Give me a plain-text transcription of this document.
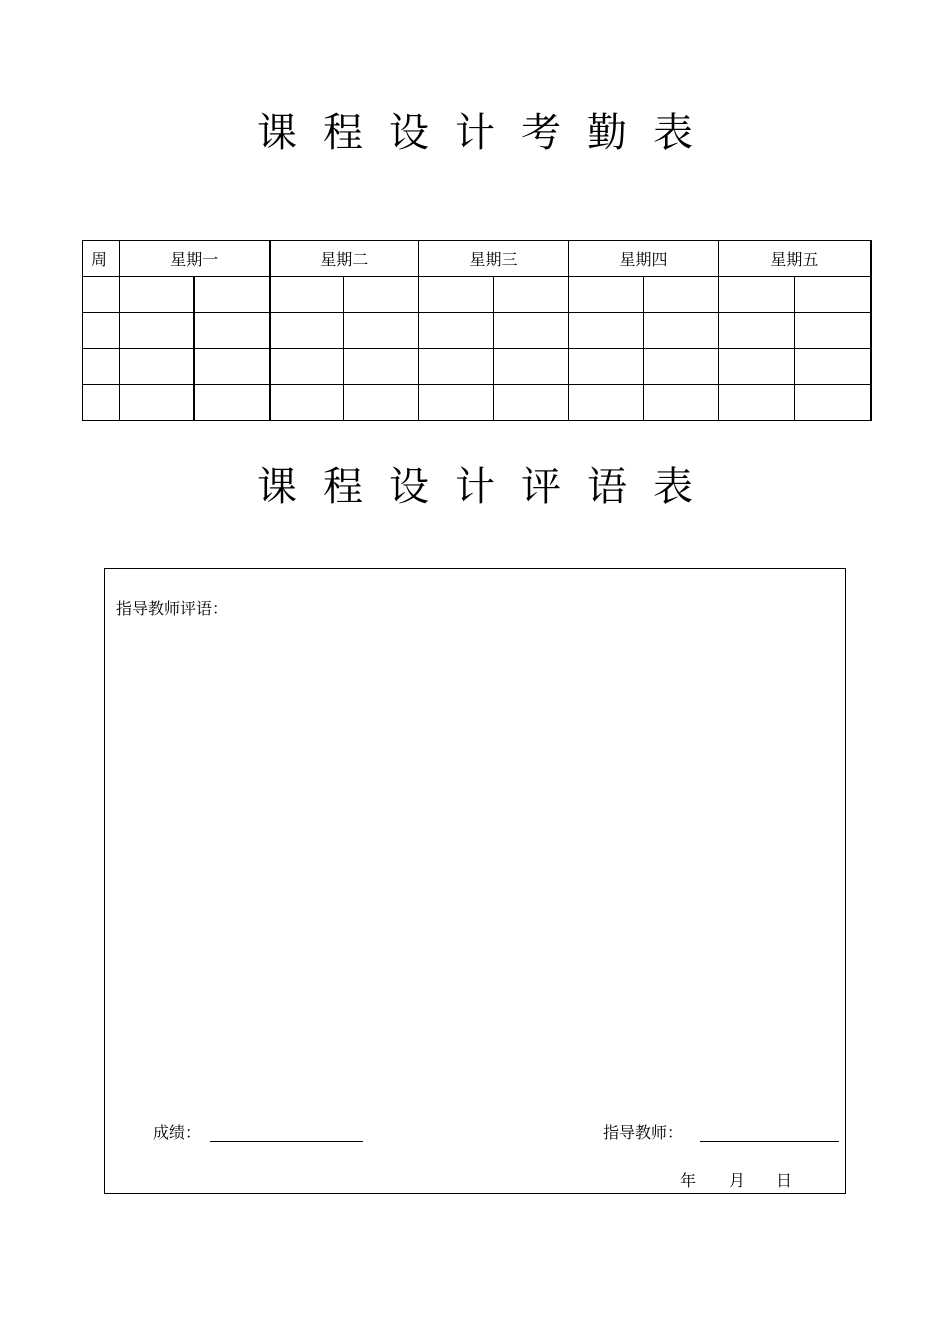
课程设计考勤表
周	星期一		星期二		星期三		星期四		星期五	

课程设计评语表
指导教师评语：
成绩：	指导教师：
年 月 日
